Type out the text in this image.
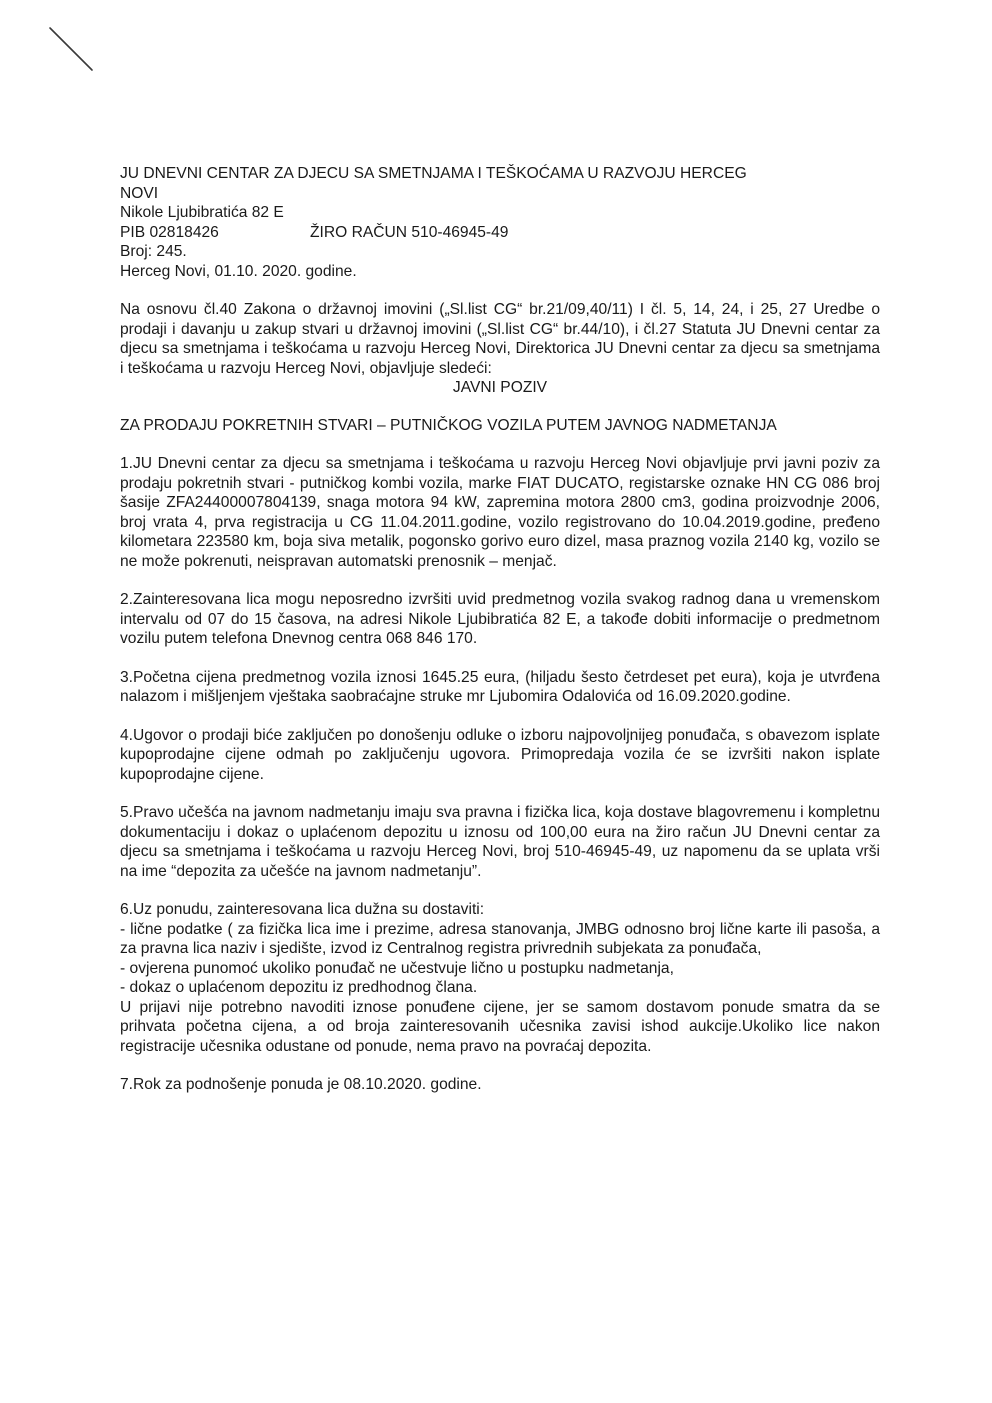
JU DNEVNI CENTAR ZA DJECU SA SMETNJAMA I TEŠKOĆAMA U RAZVOJU HERCEG
NOVI
Nikole Ljubibratića 82 E
PIB 02818426	ŽIRO RAČUN 510-46945-49
Broj: 245.
Herceg Novi, 01.10. 2020. godine.
Na osnovu čl.40 Zakona o državnoj imovini („Sl.list CG“ br.21/09,40/11) I čl. 5, 14, 24, i 25, 27 Uredbe o prodaji i davanju u zakup stvari u državnoj imovini („Sl.list CG“ br.44/10), i čl.27 Statuta JU Dnevni centar za djecu sa smetnjama i teškoćama u razvoju Herceg Novi, Direktorica JU Dnevni centar za djecu sa smetnjama i teškoćama u razvoju Herceg Novi, objavljuje sledeći:
JAVNI POZIV
ZA PRODAJU POKRETNIH STVARI – PUTNIČKOG VOZILA PUTEM JAVNOG NADMETANJA
1.JU Dnevni centar za djecu sa smetnjama i teškoćama u razvoju Herceg Novi objavljuje prvi javni poziv za prodaju pokretnih stvari - putničkog kombi vozila, marke FIAT DUCATO, registarske oznake HN CG 086 broj šasije ZFA24400007804139, snaga motora 94 kW, zapremina motora 2800 cm3, godina proizvodnje 2006, broj vrata 4, prva registracija u CG 11.04.2011.godine, vozilo registrovano do 10.04.2019.godine, pređeno kilometara 223580 km, boja siva metalik, pogonsko gorivo euro dizel, masa praznog vozila 2140 kg, vozilo se ne može pokrenuti, neispravan automatski prenosnik – menjač.
2.Zainteresovana lica mogu neposredno izvršiti uvid predmetnog vozila svakog radnog dana u vremenskom intervalu od 07 do 15 časova, na adresi Nikole Ljubibratića 82 E, a takođe dobiti informacije o predmetnom vozilu putem telefona Dnevnog centra 068 846 170.
3.Početna cijena predmetnog vozila iznosi 1645.25 eura, (hiljadu šesto četrdeset pet eura), koja je utvrđena nalazom i mišljenjem vještaka saobraćajne struke mr Ljubomira Odalovića od 16.09.2020.godine.
4.Ugovor o prodaji biće zaključen po donošenju odluke o izboru najpovoljnijeg ponuđača, s obavezom isplate kupoprodajne cijene odmah po zaključenju ugovora. Primopredaja vozila će se izvršiti nakon isplate kupoprodajne cijene.
5.Pravo učešća na javnom nadmetanju imaju sva pravna i fizička lica, koja dostave blagovremenu i kompletnu dokumentaciju i dokaz o uplaćenom depozitu u iznosu od 100,00 eura na žiro račun JU Dnevni centar za djecu sa smetnjama i teškoćama u razvoju Herceg Novi, broj 510-46945-49, uz napomenu da se uplata vrši na ime “depozita za učešće na javnom nadmetanju”.
6.Uz ponudu, zainteresovana lica dužna su dostaviti:
- lične podatke ( za fizička lica ime i prezime, adresa stanovanja, JMBG odnosno broj lične karte ili pasoša, a za pravna lica naziv i sjedište, izvod iz Centralnog registra privrednih subjekata za ponuđača,
- ovjerena punomoć ukoliko ponuđač ne učestvuje lično u postupku nadmetanja,
- dokaz o uplaćenom depozitu iz predhodnog člana.
U prijavi nije potrebno navoditi iznose ponuđene cijene, jer se samom dostavom ponude smatra da se prihvata početna cijena, a od broja zainteresovanih učesnika zavisi ishod aukcije.Ukoliko lice nakon registracije učesnika odustane od ponude, nema pravo na povraćaj depozita.
7.Rok za podnošenje ponuda je 08.10.2020. godine.
